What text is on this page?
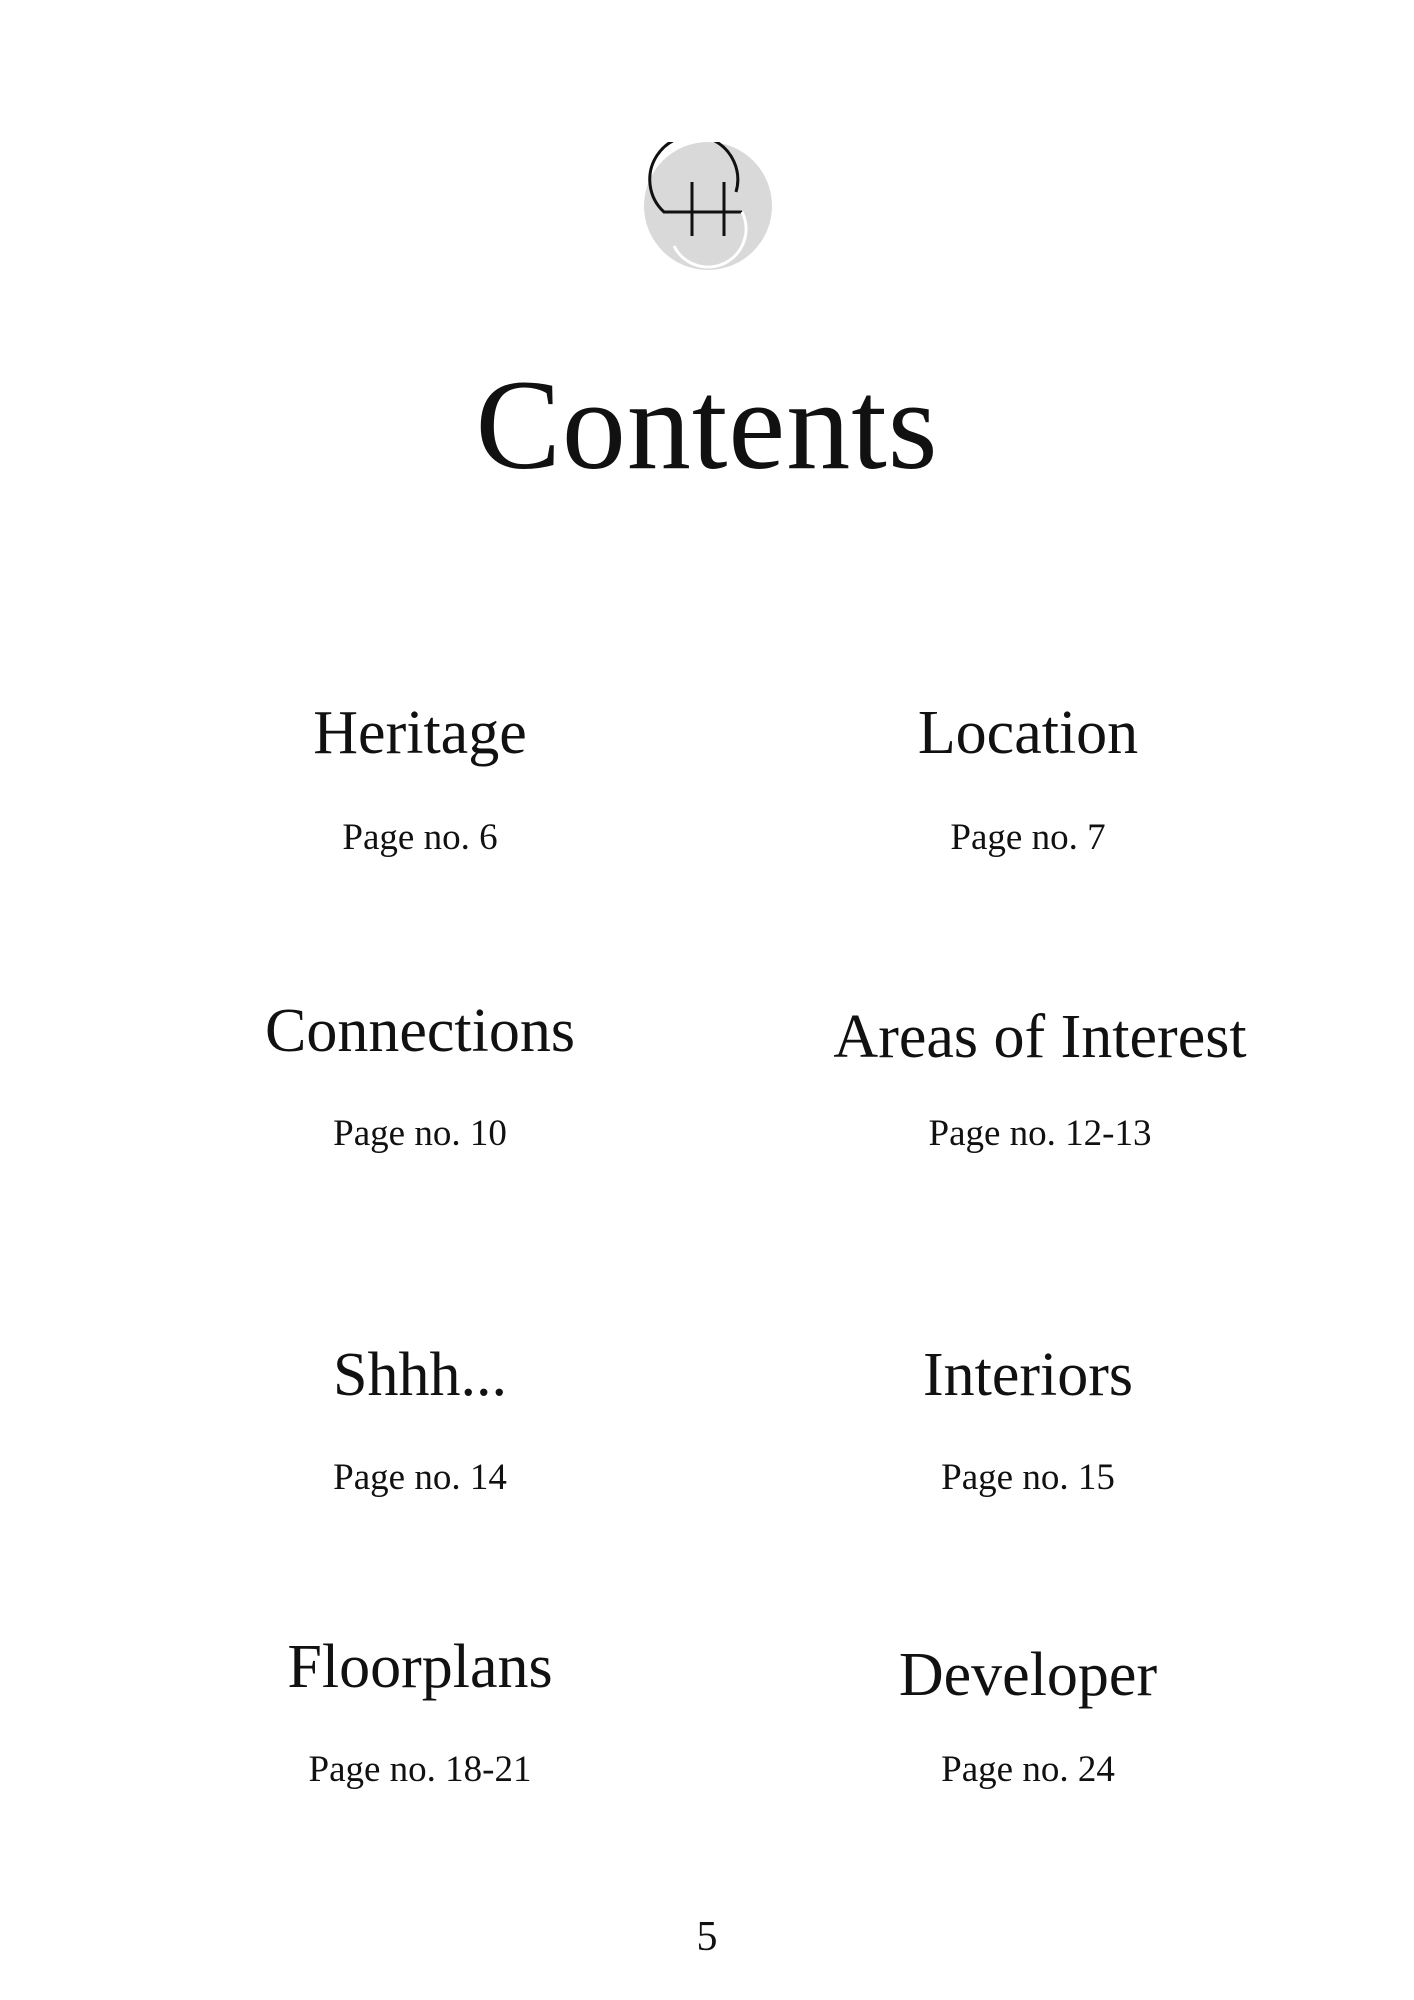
Contents
Heritage
Page no. 6
Location
Page no. 7
Connections
Page no. 10
Areas of Interest
Page no. 12-13
Shhh...
Page no. 14
Interiors
Page no. 15
Floorplans
Page no. 18-21
Developer
Page no. 24
5
